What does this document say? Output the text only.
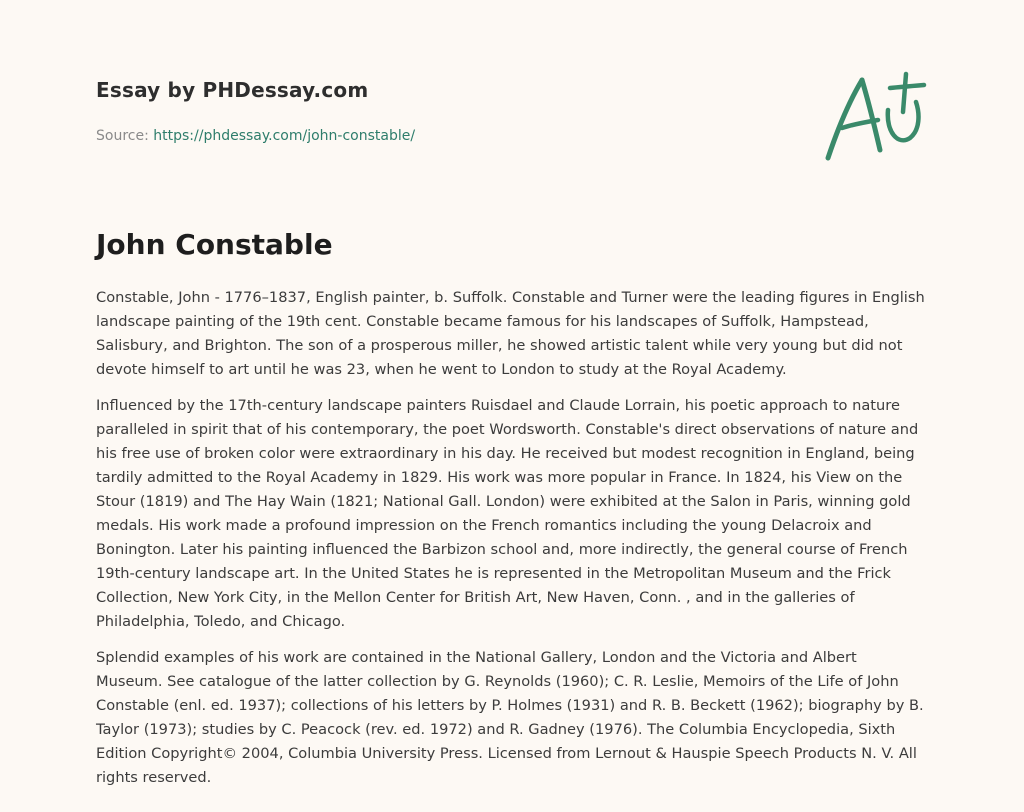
Essay by PHDessay.com
Source: https://phdessay.com/john-constable/
John Constable

Constable, John - 1776–1837, English painter, b. Suffolk. Constable and Turner were the leading figures in English landscape painting of the 19th cent. Constable became famous for his landscapes of Suffolk, Hampstead, Salisbury, and Brighton. The son of a prosperous miller, he showed artistic talent while very young but did not devote himself to art until he was 23, when he went to London to study at the Royal Academy.

Influenced by the 17th-century landscape painters Ruisdael and Claude Lorrain, his poetic approach to nature paralleled in spirit that of his contemporary, the poet Wordsworth. Constable's direct observations of nature and his free use of broken color were extraordinary in his day. He received but modest recognition in England, being tardily admitted to the Royal Academy in 1829. His work was more popular in France. In 1824, his View on the Stour (1819) and The Hay Wain (1821; National Gall. London) were exhibited at the Salon in Paris, winning gold medals. His work made a profound impression on the French romantics including the young Delacroix and Bonington. Later his painting influenced the Barbizon school and, more indirectly, the general course of French 19th-century landscape art. In the United States he is represented in the Metropolitan Museum and the Frick Collection, New York City, in the Mellon Center for British Art, New Haven, Conn. , and in the galleries of Philadelphia, Toledo, and Chicago.

Splendid examples of his work are contained in the National Gallery, London and the Victoria and Albert Museum. See catalogue of the latter collection by G. Reynolds (1960); C. R. Leslie, Memoirs of the Life of John Constable (enl. ed. 1937); collections of his letters by P. Holmes (1931) and R. B. Beckett (1962); biography by B. Taylor (1973); studies by C. Peacock (rev. ed. 1972) and R. Gadney (1976). The Columbia Encyclopedia, Sixth Edition Copyright© 2004, Columbia University Press. Licensed from Lernout & Hauspie Speech Products N. V. All rights reserved.
